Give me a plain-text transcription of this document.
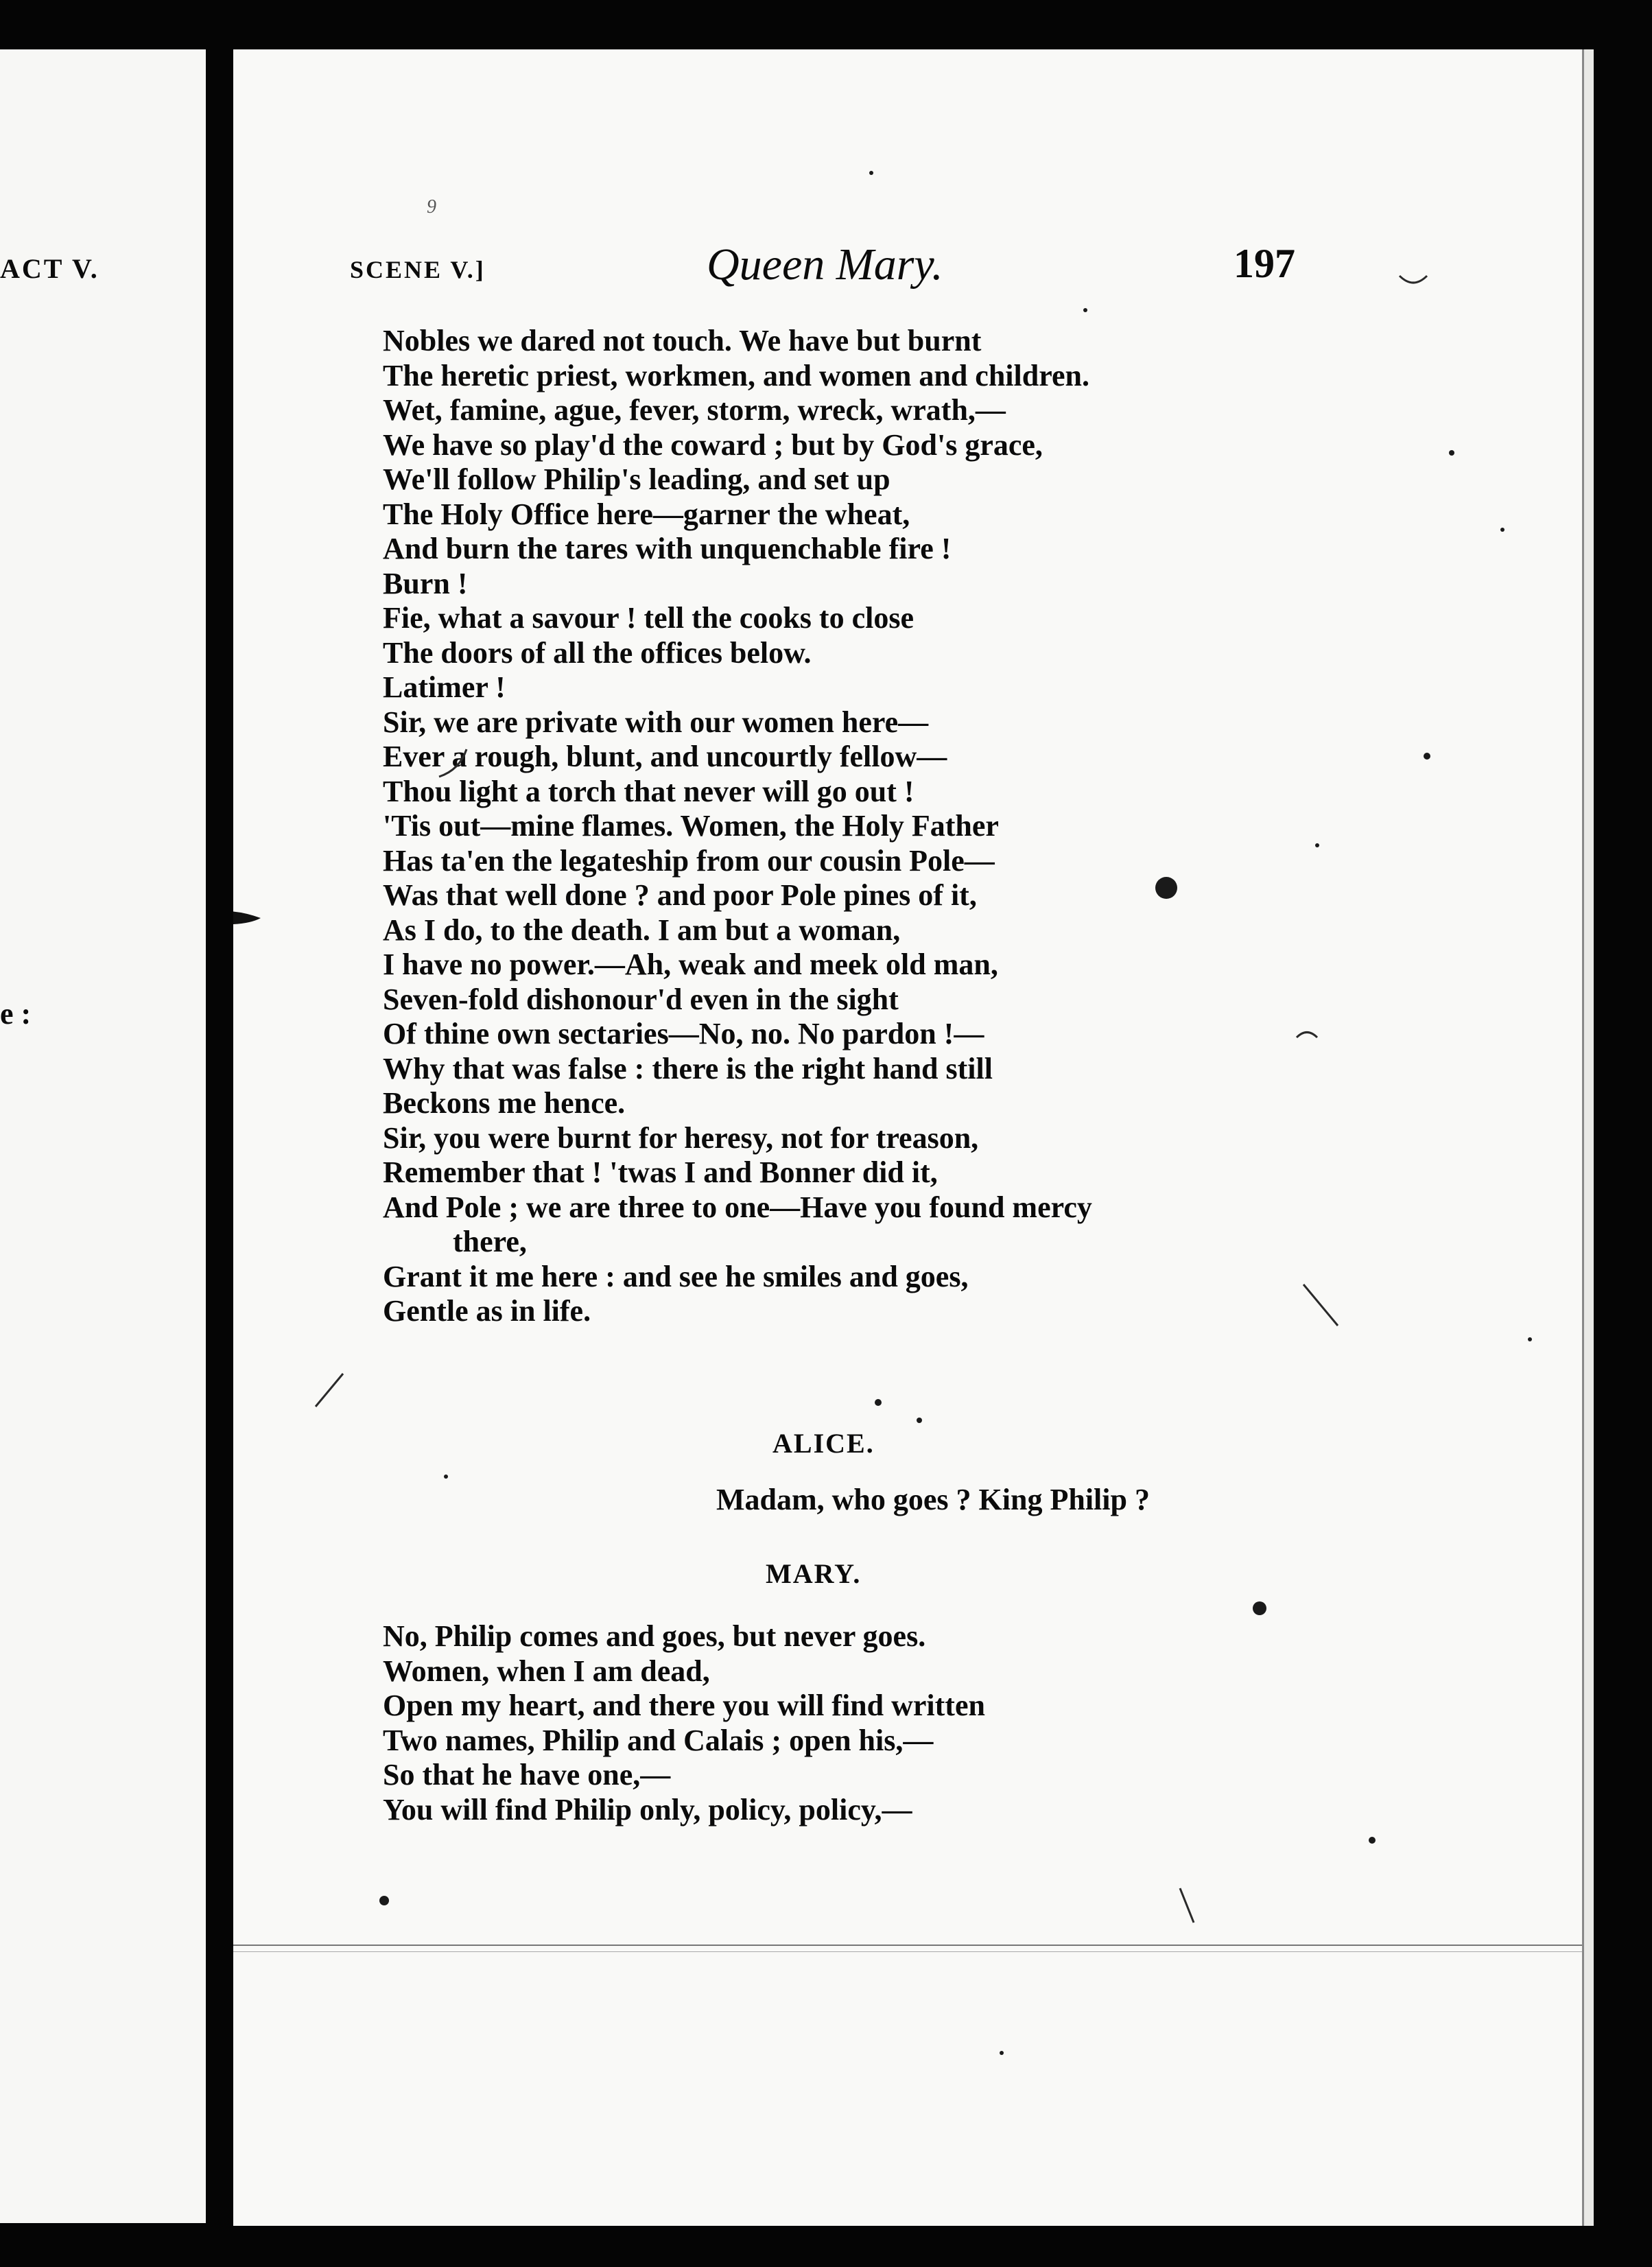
ACT V.
e :
9
SCENE V.]	Queen Mary.	197
Nobles we dared not touch. We have but burnt
The heretic priest, workmen, and women and children.
Wet, famine, ague, fever, storm, wreck, wrath,—
We have so play'd the coward ; but by God's grace,
We'll follow Philip's leading, and set up
The Holy Office here—garner the wheat,
And burn the tares with unquenchable fire !
Burn !
Fie, what a savour ! tell the cooks to close
The doors of all the offices below.
Latimer !
Sir, we are private with our women here—
Ever a rough, blunt, and uncourtly fellow—
Thou light a torch that never will go out !
'Tis out—mine flames. Women, the Holy Father
Has ta'en the legateship from our cousin Pole—
Was that well done ? and poor Pole pines of it,
As I do, to the death. I am but a woman,
I have no power.—Ah, weak and meek old man,
Seven-fold dishonour'd even in the sight
Of thine own sectaries—No, no. No pardon !—
Why that was false : there is the right hand still
Beckons me hence.
Sir, you were burnt for heresy, not for treason,
Remember that ! 'twas I and Bonner did it,
And Pole ; we are three to one—Have you found mercy
there,
Grant it me here : and see he smiles and goes,
Gentle as in life.
ALICE.
Madam, who goes ? King Philip ?
MARY.
No, Philip comes and goes, but never goes.
Women, when I am dead,
Open my heart, and there you will find written
Two names, Philip and Calais ; open his,—
So that he have one,—
You will find Philip only, policy, policy,—
